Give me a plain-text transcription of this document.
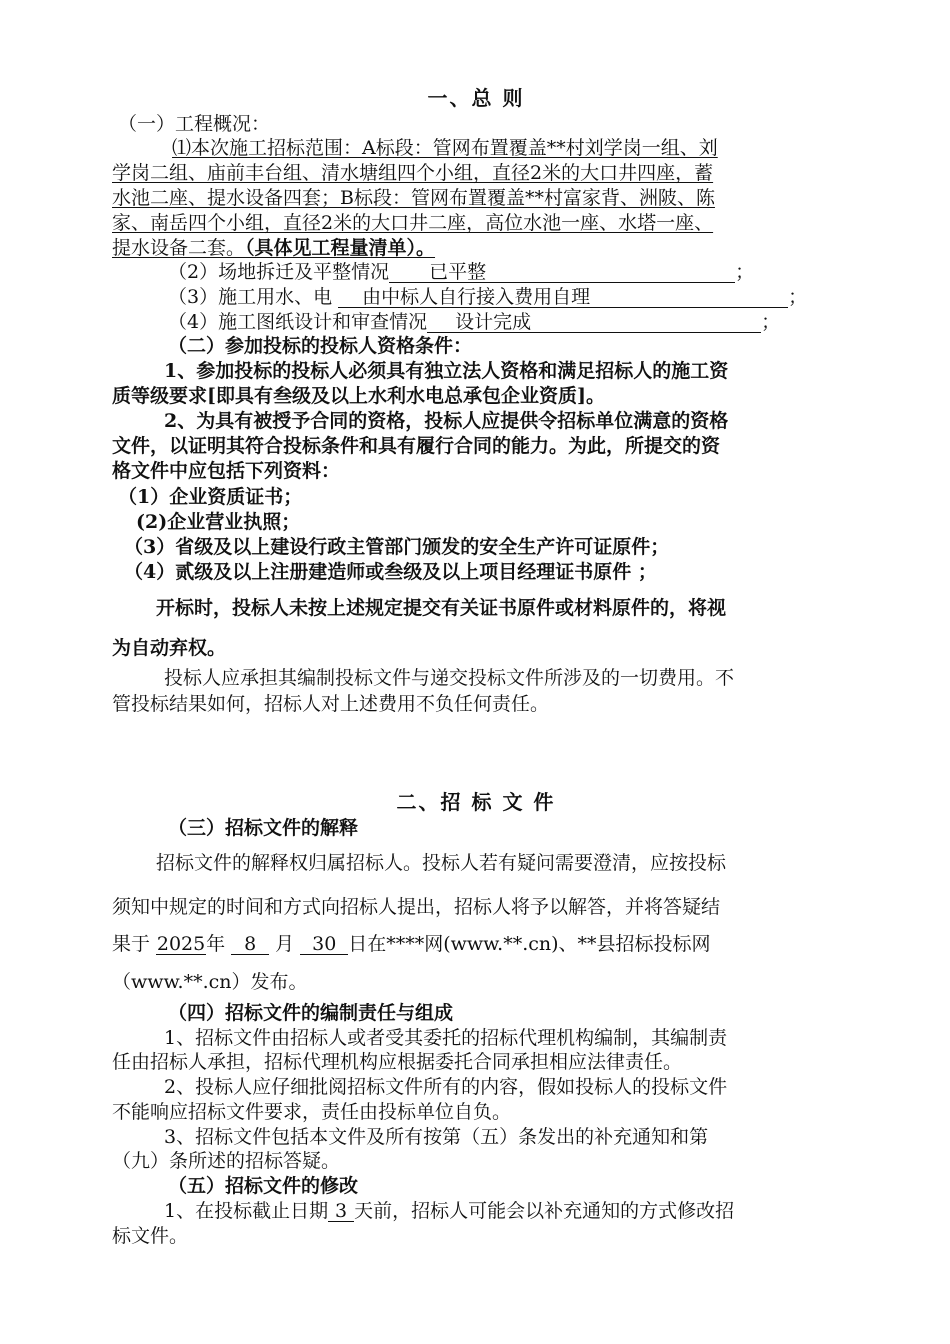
一、总 则
（一）工程概况：
⑴本次施工招标范围：A标段：管网布置覆盖**村刘学岗一组、刘
学岗二组、庙前丰台组、清水塘组四个小组，直径2米的大口井四座，蓄
水池二座、提水设备四套；B标段：管网布置覆盖**村富家背、洲陂、陈
家、南岳四个小组，直径2米的大口井二座，高位水池一座、水塔一座、
提水设备二套。（具体见工程量清单）。
（2）场地拆迁及平整情况 已平整	；
（3）施工用水、电 由中标人自行接入费用自理	；
（4）施工图纸设计和审查情况 设计完成	；
（二）参加投标的投标人资格条件：
1、参加投标的投标人必须具有独立法人资格和满足招标人的施工资
质等级要求[即具有叁级及以上水利水电总承包企业资质]。
2、为具有被授予合同的资格，投标人应提供令招标单位满意的资格
文件，以证明其符合投标条件和具有履行合同的能力。为此，所提交的资
格文件中应包括下列资料：
（1）企业资质证书；
(2)企业营业执照；
（3）省级及以上建设行政主管部门颁发的安全生产许可证原件；
（4）贰级及以上注册建造师或叁级及以上项目经理证书原件 ；
开标时，投标人未按上述规定提交有关证书原件或材料原件的，将视
为自动弃权。
投标人应承担其编制投标文件与递交投标文件所涉及的一切费用。不
管投标结果如何，招标人对上述费用不负任何责任。
二、招 标 文 件
（三）招标文件的解释
招标文件的解释权归属招标人。投标人若有疑问需要澄清，应按投标
须知中规定的时间和方式向招标人提出，招标人将予以解答，并将答疑结
果于 2025年 8 月 30 日在****网(www.**.cn)、**县招标投标网
（www.**.cn）发布。
（四）招标文件的编制责任与组成
1、招标文件由招标人或者受其委托的招标代理机构编制，其编制责
任由招标人承担，招标代理机构应根据委托合同承担相应法律责任。
2、投标人应仔细批阅招标文件所有的内容，假如投标人的投标文件
不能响应招标文件要求，责任由投标单位自负。
3、招标文件包括本文件及所有按第（五）条发出的补充通知和第
（九）条所述的招标答疑。
（五）招标文件的修改
1、在投标截止日期 3 天前，招标人可能会以补充通知的方式修改招
标文件。
